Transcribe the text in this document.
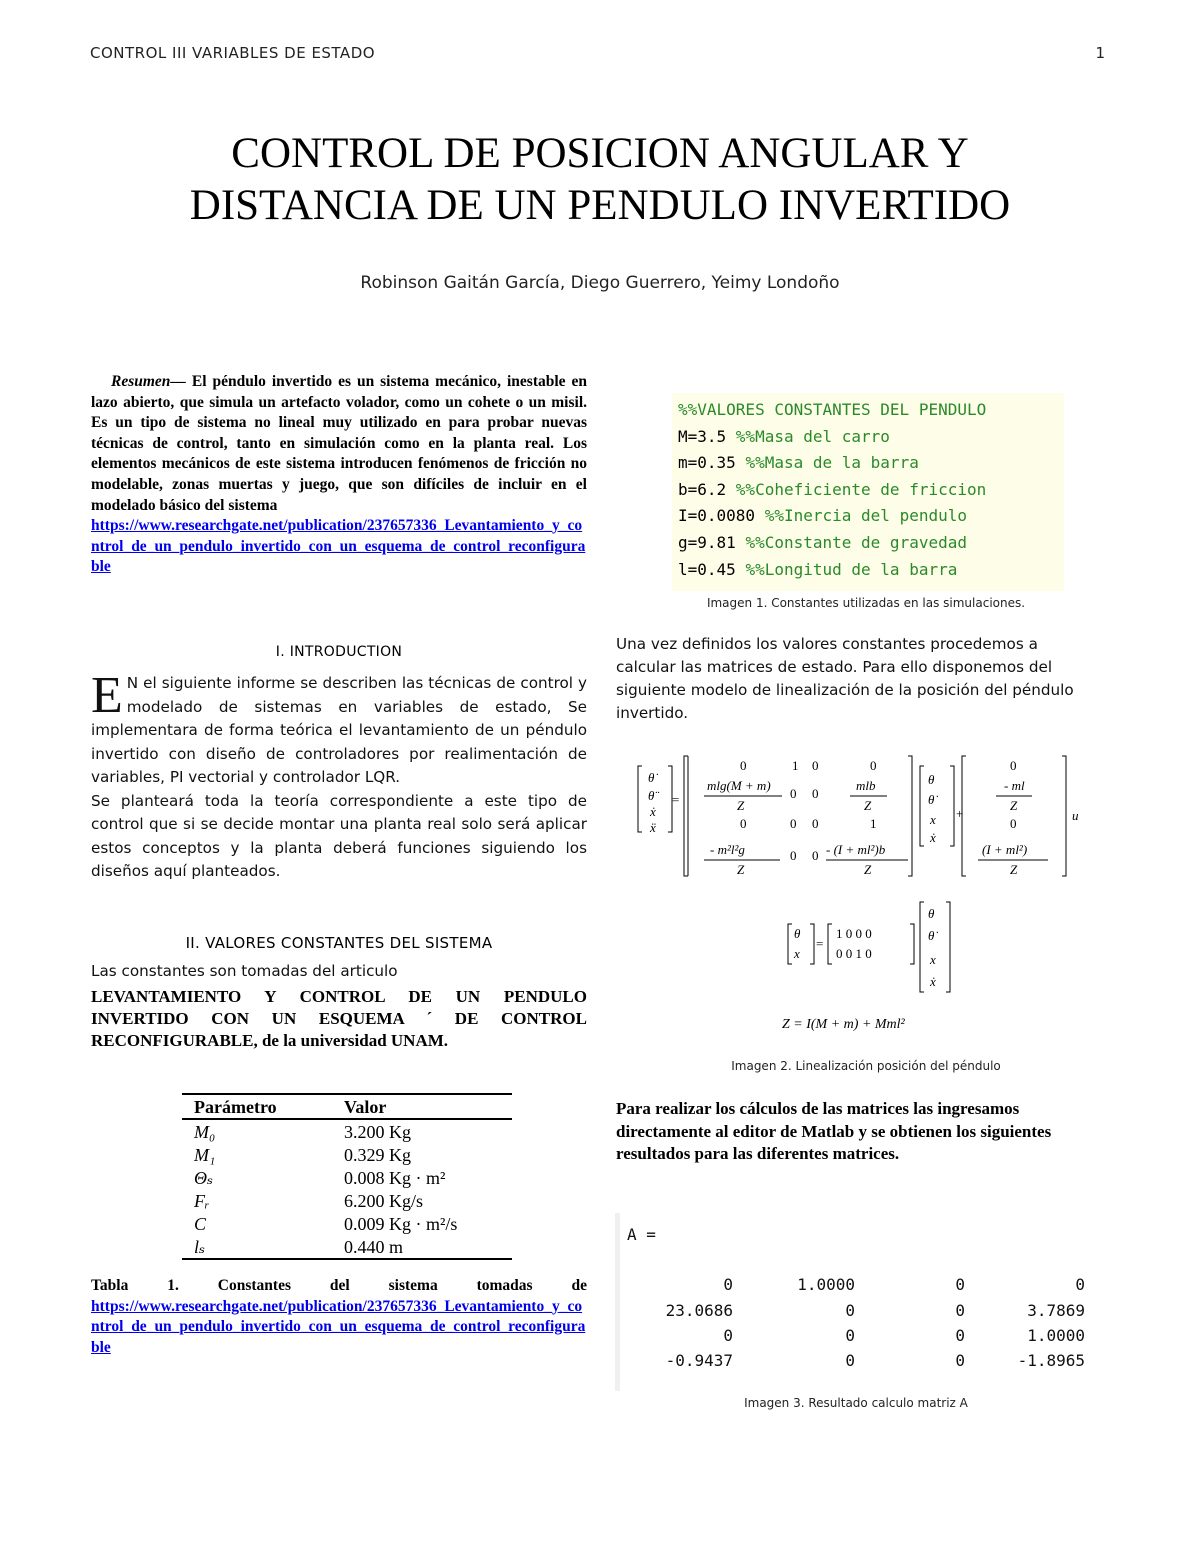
CONTROL III VARIABLES DE ESTADO	1
CONTROL DE POSICION ANGULAR Y
DISTANCIA DE UN PENDULO INVERTIDO
Robinson Gaitán García, Diego Guerrero, Yeimy Londoño
Resumen— El péndulo invertido es un sistema mecánico, inestable en lazo abierto, que simula un artefacto volador, como un cohete o un misil. Es un tipo de sistema no lineal muy utilizado en para probar nuevas técnicas de control, tanto en simulación como en la planta real. Los elementos mecánicos de este sistema introducen fenómenos de fricción no modelable, zonas muertas y juego, que son difíciles de incluir en el modelado básico del sistema
https://www.researchgate.net/publication/237657336_Levantamiento_y_control_de_un_pendulo_invertido_con_un_esquema_de_control_reconfigurable
I. INTRODUCTION
E N el siguiente informe se describen las técnicas de control y modelado de sistemas en variables de estado, Se implementara de forma teórica el levantamiento de un péndulo invertido con diseño de controladores por realimentación de variables, PI vectorial y controlador LQR.
Se planteará toda la teoría correspondiente a este tipo de control que si se decide montar una planta real solo será aplicar estos conceptos y la planta deberá funciones siguiendo los diseños aquí planteados.
II. VALORES CONSTANTES DEL SISTEMA
Las constantes son tomadas del articulo
LEVANTAMIENTO Y CONTROL DE UN PENDULO INVERTIDO CON UN ESQUEMA ´ DE CONTROL RECONFIGURABLE, de la universidad UNAM.
Parámetro	Valor
M₀	3.200 Kg
M₁	0.329 Kg
Θₛ	0.008 Kg · m²
Fᵣ	6.200 Kg/s
C	0.009 Kg · m²/s
lₛ	0.440 m
Tabla 1. Constantes del sistema tomadas de
https://www.researchgate.net/publication/237657336_Levantamiento_y_control_de_un_pendulo_invertido_con_un_esquema_de_control_reconfigurable
%%VALORES CONSTANTES DEL PENDULO
M=3.5 %%Masa del carro
m=0.35 %%Masa de la barra
b=6.2 %%Coheficiente de friccion
I=0.0080 %%Inercia del pendulo
g=9.81 %%Constante de gravedad
l=0.45 %%Longitud de la barra
Imagen 1. Constantes utilizadas en las simulaciones.
Una vez definidos los valores constantes procedemos a calcular las matrices de estado. Para ello disponemos del siguiente modelo de linealización de la posición del péndulo invertido.
θ̇
θ̈
ẋ
ẍ
=
0	1 0	0
mlg(M + m)
Z
0 0
mlb
Z
0	0 0	1
- m²l²g
Z
0 0 - (I + ml²)b
Z
θ
θ̇
x
ẋ
+
0
- ml
Z
0
(I + ml²)
Z
u
θ
x
=
1 0 0 0
0 0 1 0
θ
θ̇
x
ẋ
Z = I(M + m) + Mml²
Imagen 2. Linealización posición del péndulo
Para realizar los cálculos de las matrices las ingresamos directamente al editor de Matlab y se obtienen los siguientes resultados para las diferentes matrices.
A =
0	1.0000	0	0
23.0686	0	0	3.7869
0	0	0	1.0000
-0.9437	0	0	-1.8965
Imagen 3. Resultado calculo matriz A
